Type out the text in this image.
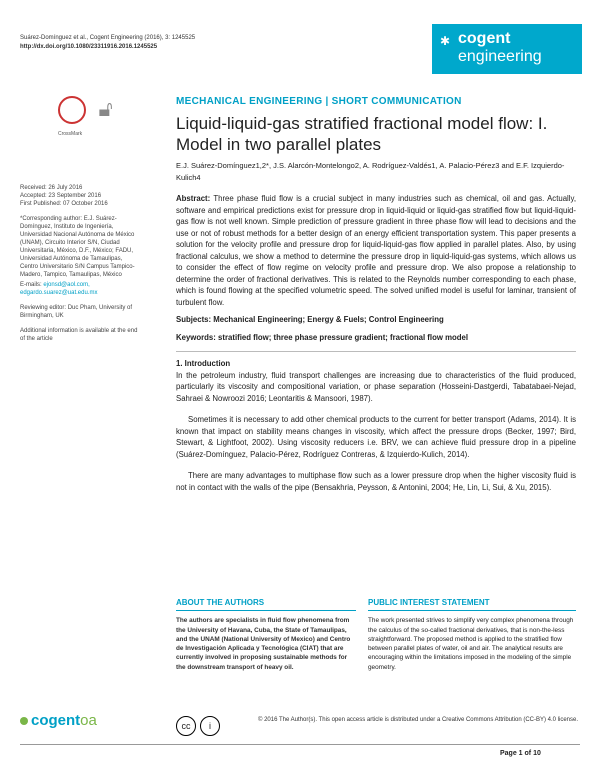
Suárez-Domínguez et al., Cogent Engineering (2016), 3: 1245525
http://dx.doi.org/10.1080/23311916.2016.1245525	✱ cogent
engineering
🔓︎
CrossMark
MECHANICAL ENGINEERING | SHORT COMMUNICATION
Liquid-liquid-gas stratified fractional model flow: I. Model in two parallel plates
E.J. Suárez-Domínguez1,2*, J.S. Alarcón-Montelongo2, A. Rodríguez-Valdés1, A. Palacio-Pérez3 and E.F. Izquierdo-Kulich4

Received: 26 July 2016
Accepted: 23 September 2016
First Published: 07 October 2016

*Corresponding author: E.J. Suárez-Domínguez, Instituto de Ingeniería, Universidad Nacional Autónoma de México (UNAM), Circuito Interior S/N, Ciudad Universitaria, México, D.F., México; FADU, Universidad Autónoma de Tamaulipas, Centro Universitario S/N Campus Tampico-Madero, Tampico, Tamaulipas, México

E-mails: ejonsd@aol.com, edgardo.suarez@uat.edu.mx

Reviewing editor: Duc Pham, University of Birmingham, UK

Additional information is available at the end of the article

Abstract: Three phase fluid flow is a crucial subject in many industries such as chemical, oil and gas. Actually, software and empirical predictions exist for pressure drop in liquid-liquid or liquid-gas stratified flow but liquid-liquid-gas flow is not well known. Simple prediction of pressure gradient in three phase flow will lead to decisions and the use or not of robust methods for a better design of an energy efficient transportation system. This paper presents a solution for the velocity profile and pressure drop for liquid-liquid-gas flow applied in parallel plates. Also, by using fractional calculus, we show a method to determine the pressure drop in liquid-liquid-gas systems, which allows us to consider the effect of flow regime on velocity profile and pressure drop. We also propose a relationship to determine the order of fractional derivatives. This is related to the Reynolds number corresponding to each phase, which is found flowing at the specified volumetric speed. The solved unified model is useful for laminar, transient of turbulent flow.

Subjects: Mechanical Engineering; Energy & Fuels; Control Engineering

Keywords: stratified flow; three phase pressure gradient; fractional flow model

1. Introduction

In the petroleum industry, fluid transport challenges are increasing due to characteristics of the fluid produced, particularly its viscosity and compositional variation, or phase separation (Hosseini-Dastgerdi, Tabatabaei-Nejad, Sahraei & Nowroozi 2016; Leontaritis & Mansoori, 1987).

Sometimes it is necessary to add other chemical products to the current for better transport (Adams, 2014). It is known that impact on stability means changes in viscosity, which affect the pressure drops (Becker, 1997; Bird, Stewart, & Lightfoot, 2002). Using viscosity reducers i.e. BRV, we can achieve fluid pressure drop in a pipeline (Suárez-Domínguez, Palacio-Pérez, Rodríguez Contreras, & Izquierdo-Kulich, 2014).

There are many advantages to multiphase flow such as a lower pressure drop when the higher viscosity fluid is not in contact with the walls of the pipe (Bensakhria, Peysson, & Antonini, 2004; He, Lin, Li, Sui, & Xu, 2015).

ABOUT THE AUTHORS
The authors are specialists in fluid flow phenomena from the University of Havana, Cuba, the State of Tamaulipas, and the UNAM (National University of Mexico) and Centro de Investigación Aplicada y Tecnológica (CIAT) that are currently involved in proposing sustainable methods for the downstream transport of heavy oil.
PUBLIC INTEREST STATEMENT
The work presented strives to simplify very complex phenomena through the calculus of the so-called fractional derivatives, that is non-the-less straightforward. The proposed method is applied to the stratified flow between parallel plates of water, oil and air. The analytical results are encouraging within the limitations imposed in the modeling of the simple geometry.
cogentoa	cc i
© 2016 The Author(s). This open access article is distributed under a Creative Commons Attribution (CC-BY) 4.0 license.
Page 1 of 10
